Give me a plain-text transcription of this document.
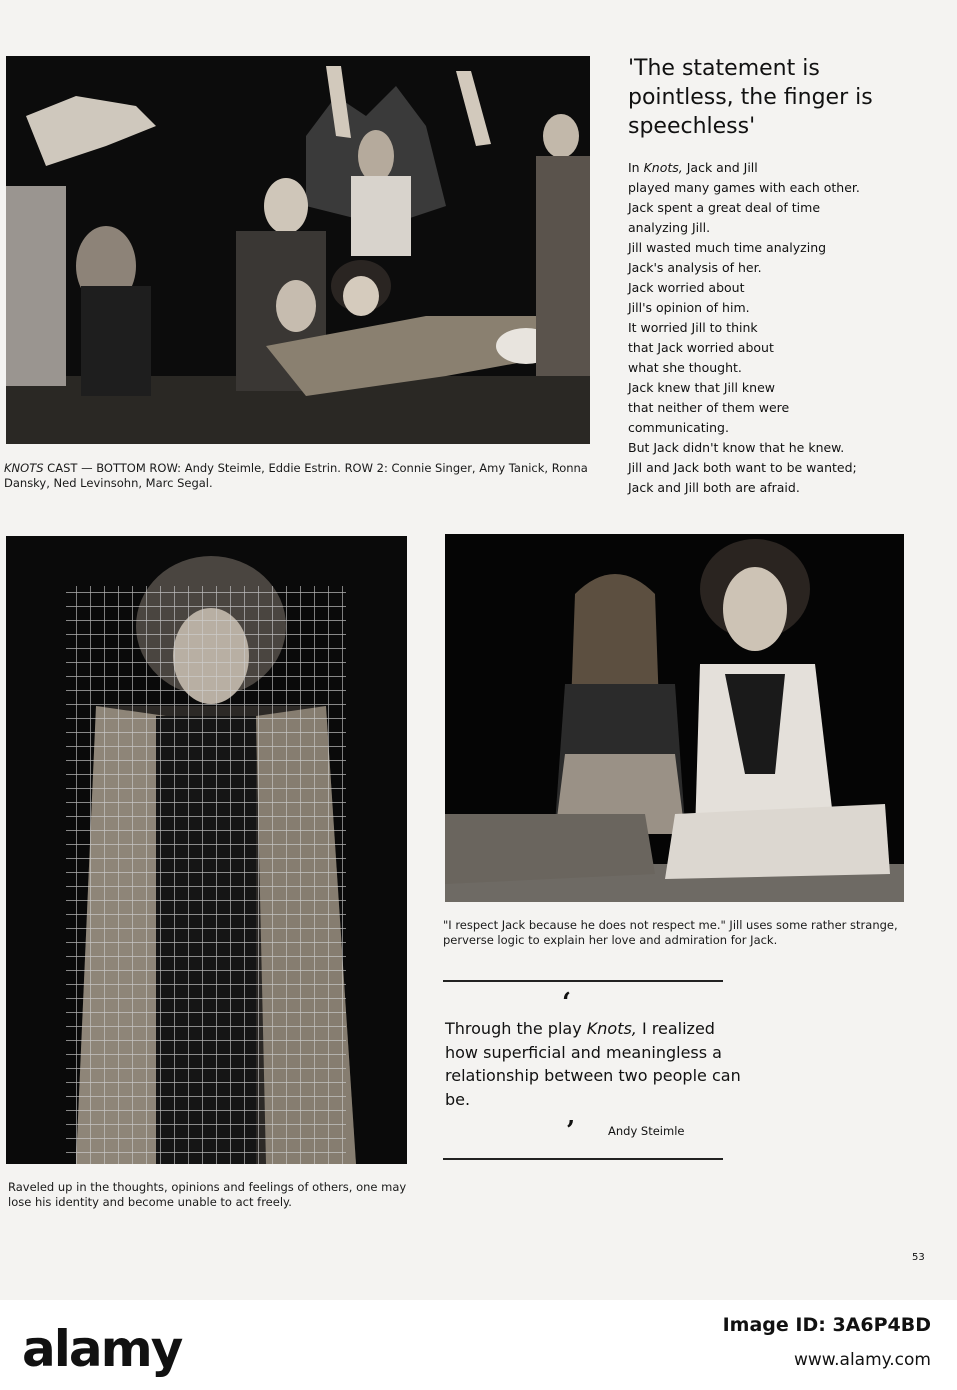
KNOTS CAST — BOTTOM ROW: Andy Steimle, Eddie Estrin. ROW 2: Connie Singer, Amy Tanick, Ronna Dansky, Ned Levinsohn, Marc Segal.
'The statement is pointless, the finger is speechless'
In Knots, Jack and Jill
played many games with each other.
Jack spent a great deal of time
analyzing Jill.
Jill wasted much time analyzing
Jack's analysis of her.
Jack worried about
Jill's opinion of him.
It worried Jill to think
that Jack worried about
what she thought.
Jack knew that Jill knew
that neither of them were
communicating.
But Jack didn't know that he knew.
Jill and Jack both want to be wanted;
Jack and Jill both are afraid.
Raveled up in the thoughts, opinions and feelings of others, one may lose his identity and become unable to act freely.
"I respect Jack because he does not respect me." Jill uses some rather strange, perverse logic to explain her love and admiration for Jack.
‘
Through the play Knots, I realized how superficial and meaningless a relationship between two people can be.
’	Andy Steimle
53
alamy	Image ID: 3A6P4BD
www.alamy.com
